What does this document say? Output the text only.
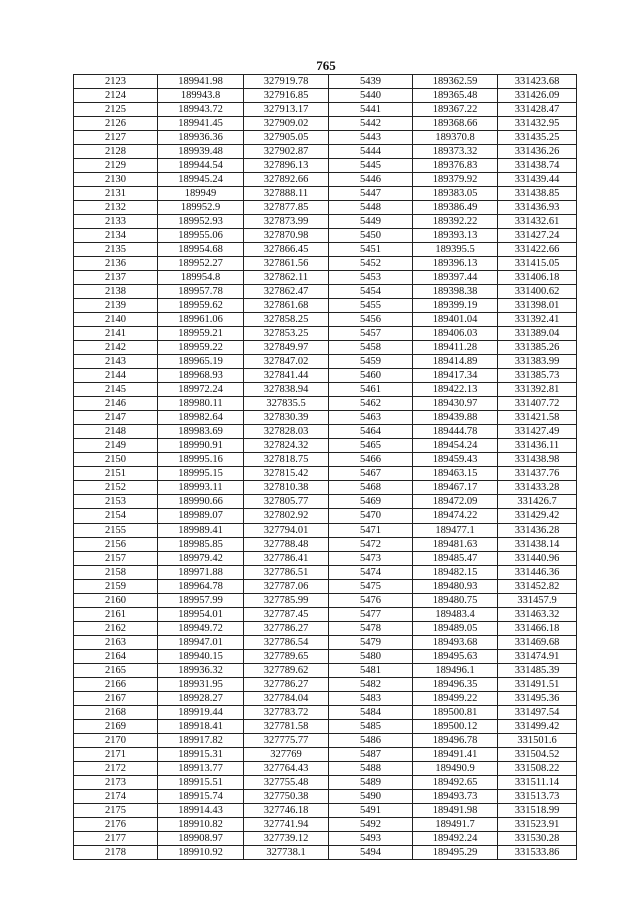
765
2123	189941.98	327919.78	5439	189362.59	331423.68
2124	189943.8	327916.85	5440	189365.48	331426.09
2125	189943.72	327913.17	5441	189367.22	331428.47
2126	189941.45	327909.02	5442	189368.66	331432.95
2127	189936.36	327905.05	5443	189370.8	331435.25
2128	189939.48	327902.87	5444	189373.32	331436.26
2129	189944.54	327896.13	5445	189376.83	331438.74
2130	189945.24	327892.66	5446	189379.92	331439.44
2131	189949	327888.11	5447	189383.05	331438.85
2132	189952.9	327877.85	5448	189386.49	331436.93
2133	189952.93	327873.99	5449	189392.22	331432.61
2134	189955.06	327870.98	5450	189393.13	331427.24
2135	189954.68	327866.45	5451	189395.5	331422.66
2136	189952.27	327861.56	5452	189396.13	331415.05
2137	189954.8	327862.11	5453	189397.44	331406.18
2138	189957.78	327862.47	5454	189398.38	331400.62
2139	189959.62	327861.68	5455	189399.19	331398.01
2140	189961.06	327858.25	5456	189401.04	331392.41
2141	189959.21	327853.25	5457	189406.03	331389.04
2142	189959.22	327849.97	5458	189411.28	331385.26
2143	189965.19	327847.02	5459	189414.89	331383.99
2144	189968.93	327841.44	5460	189417.34	331385.73
2145	189972.24	327838.94	5461	189422.13	331392.81
2146	189980.11	327835.5	5462	189430.97	331407.72
2147	189982.64	327830.39	5463	189439.88	331421.58
2148	189983.69	327828.03	5464	189444.78	331427.49
2149	189990.91	327824.32	5465	189454.24	331436.11
2150	189995.16	327818.75	5466	189459.43	331438.98
2151	189995.15	327815.42	5467	189463.15	331437.76
2152	189993.11	327810.38	5468	189467.17	331433.28
2153	189990.66	327805.77	5469	189472.09	331426.7
2154	189989.07	327802.92	5470	189474.22	331429.42
2155	189989.41	327794.01	5471	189477.1	331436.28
2156	189985.85	327788.48	5472	189481.63	331438.14
2157	189979.42	327786.41	5473	189485.47	331440.96
2158	189971.88	327786.51	5474	189482.15	331446.36
2159	189964.78	327787.06	5475	189480.93	331452.82
2160	189957.99	327785.99	5476	189480.75	331457.9
2161	189954.01	327787.45	5477	189483.4	331463.32
2162	189949.72	327786.27	5478	189489.05	331466.18
2163	189947.01	327786.54	5479	189493.68	331469.68
2164	189940.15	327789.65	5480	189495.63	331474.91
2165	189936.32	327789.62	5481	189496.1	331485.39
2166	189931.95	327786.27	5482	189496.35	331491.51
2167	189928.27	327784.04	5483	189499.22	331495.36
2168	189919.44	327783.72	5484	189500.81	331497.54
2169	189918.41	327781.58	5485	189500.12	331499.42
2170	189917.82	327775.77	5486	189496.78	331501.6
2171	189915.31	327769	5487	189491.41	331504.52
2172	189913.77	327764.43	5488	189490.9	331508.22
2173	189915.51	327755.48	5489	189492.65	331511.14
2174	189915.74	327750.38	5490	189493.73	331513.73
2175	189914.43	327746.18	5491	189491.98	331518.99
2176	189910.82	327741.94	5492	189491.7	331523.91
2177	189908.97	327739.12	5493	189492.24	331530.28
2178	189910.92	327738.1	5494	189495.29	331533.86
